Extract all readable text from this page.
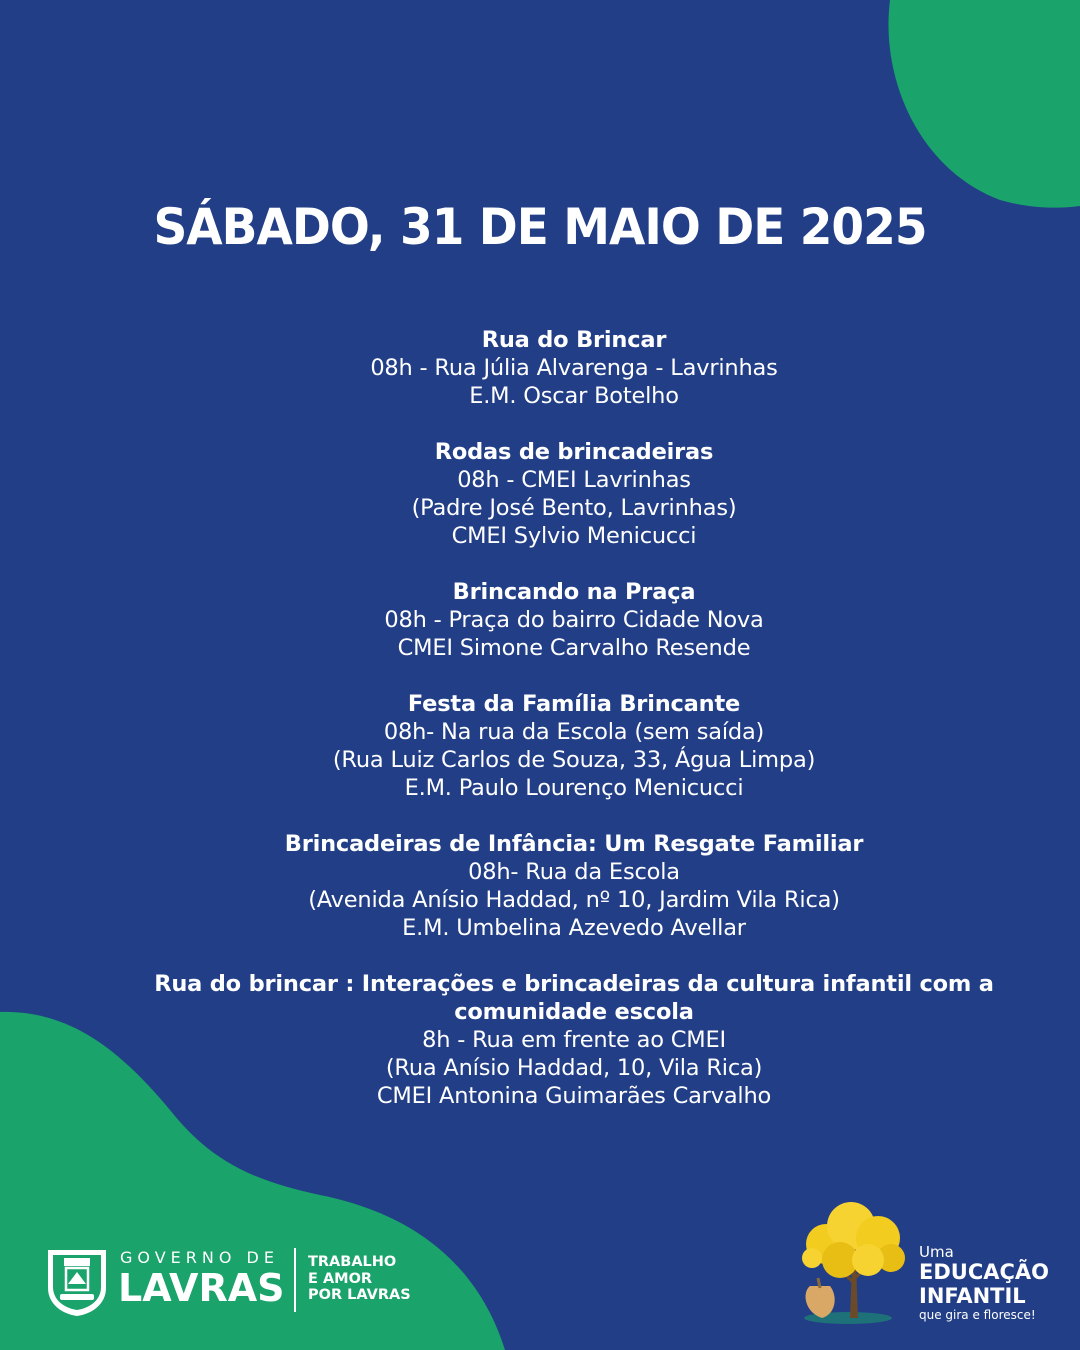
SÁBADO, 31 DE MAIO DE 2025
Rua do Brincar
08h - Rua Júlia Alvarenga - Lavrinhas
E.M. Oscar Botelho
Rodas de brincadeiras
08h - CMEI Lavrinhas
(Padre José Bento, Lavrinhas)
CMEI Sylvio Menicucci
Brincando na Praça
08h - Praça do bairro Cidade Nova
CMEI Simone Carvalho Resende
Festa da Família Brincante
08h- Na rua da Escola (sem saída)
(Rua Luiz Carlos de Souza, 33, Água Limpa)
E.M. Paulo Lourenço Menicucci
Brincadeiras de Infância: Um Resgate Familiar
08h- Rua da Escola
(Avenida Anísio Haddad, nº 10, Jardim Vila Rica)
E.M. Umbelina Azevedo Avellar
Rua do brincar : Interações e brincadeiras da cultura infantil com a comunidade escola
8h - Rua em frente ao CMEI
(Rua Anísio Haddad, 10, Vila Rica)
CMEI Antonina Guimarães Carvalho
GOVERNO DE
LAVRAS
TRABALHO
E AMOR
POR LAVRAS
Uma
EDUCAÇÃO
INFANTIL
que gira e floresce!
